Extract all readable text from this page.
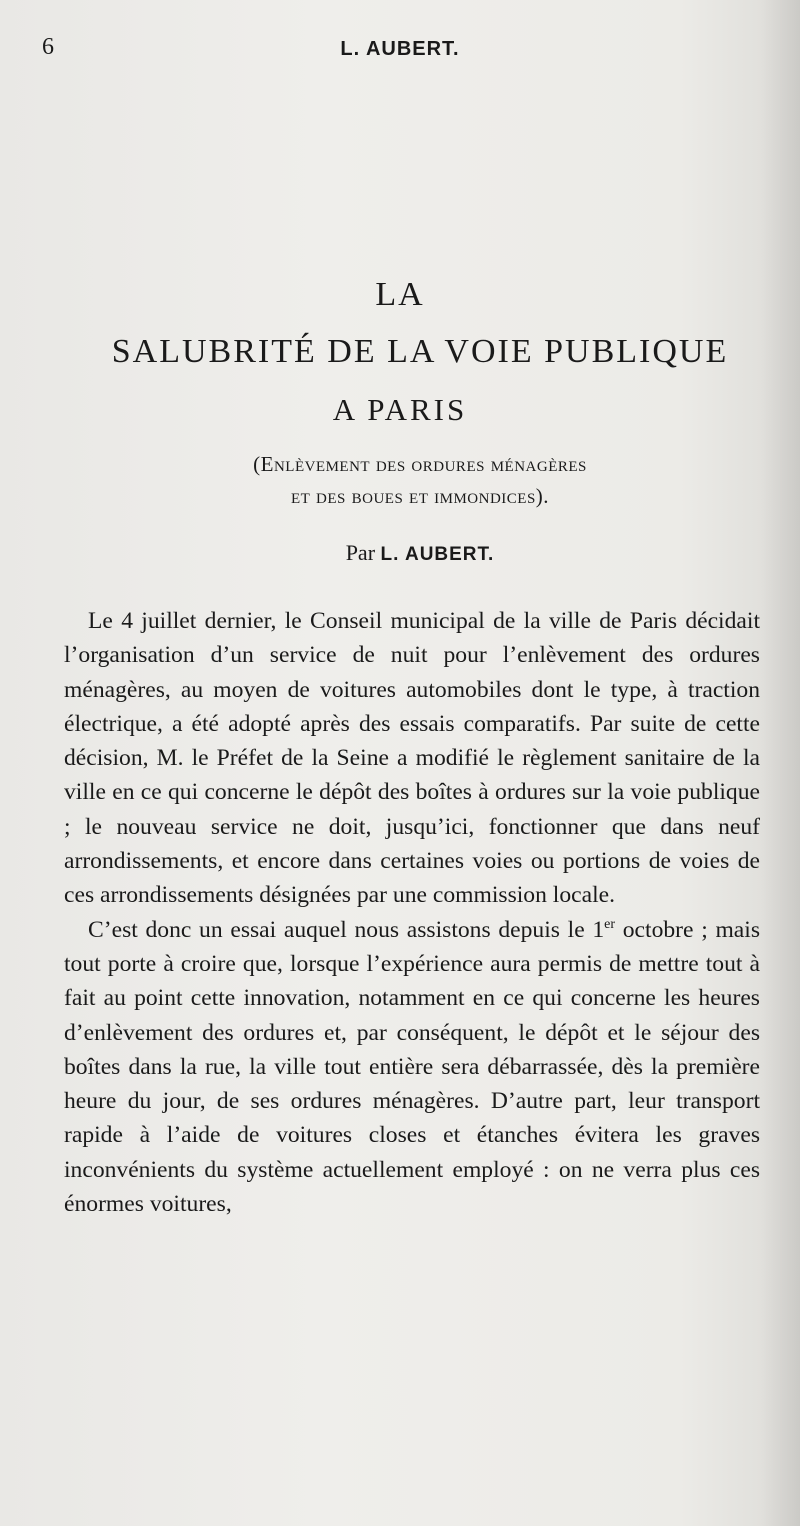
6	L. AUBERT.
LA
SALUBRITÉ DE LA VOIE PUBLIQUE
A PARIS
(Enlèvement des ordures ménagères
et des boues et immondices).
Par L. AUBERT.

Le 4 juillet dernier, le Conseil municipal de la ville de Paris décidait l’organisation d’un service de nuit pour l’enlèvement des ordures ménagères, au moyen de voitures automobiles dont le type, à traction électrique, a été adopté après des essais comparatifs. Par suite de cette décision, M. le Préfet de la Seine a modifié le règlement sanitaire de la ville en ce qui concerne le dépôt des boîtes à ordures sur la voie publique ; le nouveau service ne doit, jusqu’ici, fonctionner que dans neuf arrondissements, et encore dans certaines voies ou portions de voies de ces arrondissements désignées par une commission locale.

C’est donc un essai auquel nous assistons depuis le 1er octobre ; mais tout porte à croire que, lorsque l’expérience aura permis de mettre tout à fait au point cette innovation, notamment en ce qui concerne les heures d’enlèvement des ordures et, par conséquent, le dépôt et le séjour des boîtes dans la rue, la ville tout entière sera débarrassée, dès la première heure du jour, de ses ordures ménagères. D’autre part, leur transport rapide à l’aide de voitures closes et étanches évitera les graves inconvénients du système actuellement employé : on ne verra plus ces énormes voitures,
